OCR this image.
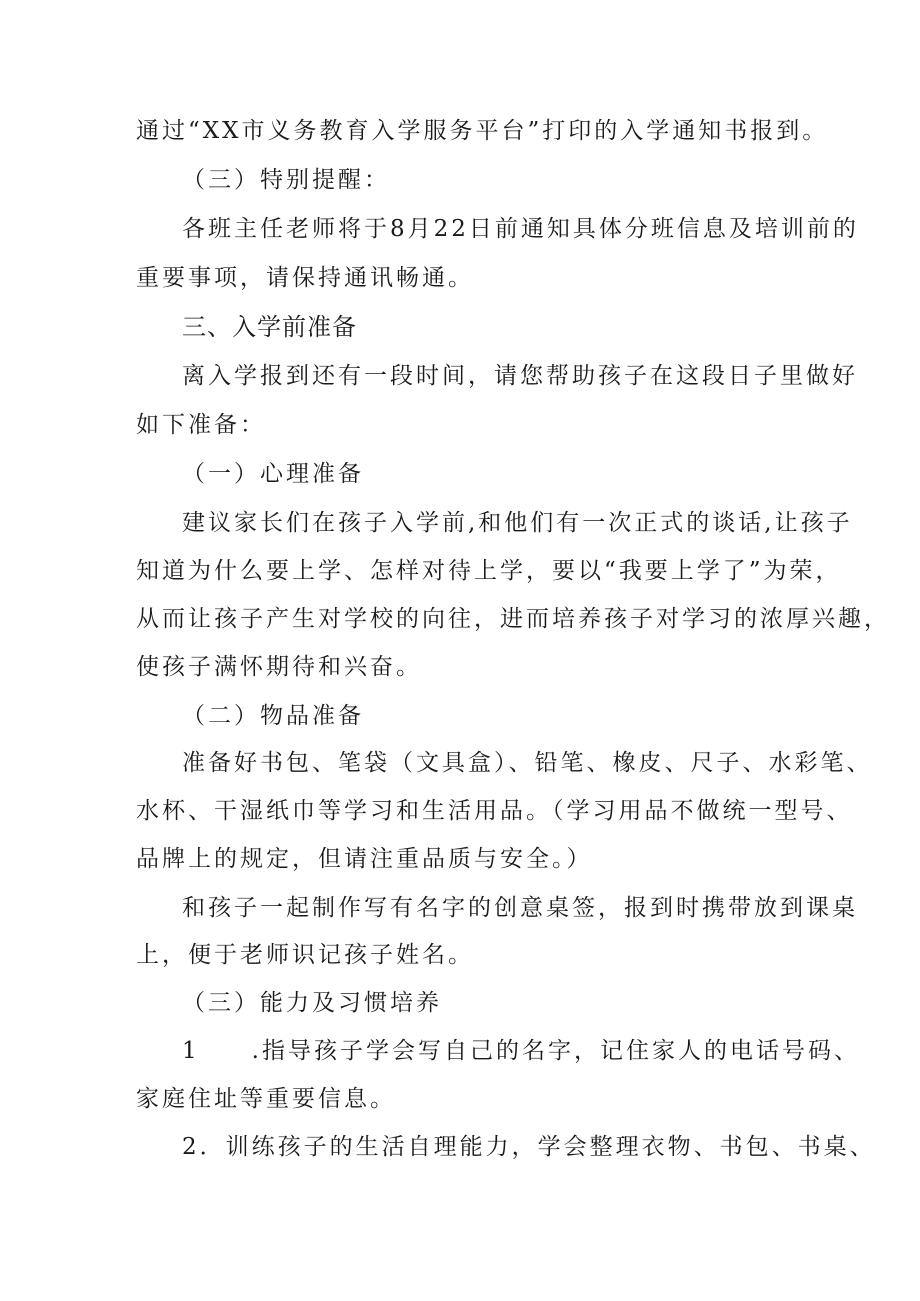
通过“XX市义务教育入学服务平台”打印的入学通知书报到。
（三）特别提醒：
各班主任老师将于8月22日前通知具体分班信息及培训前的
重要事项，请保持通讯畅通。
三、入学前准备
离入学报到还有一段时间，请您帮助孩子在这段日子里做好
如下准备：
（一）心理准备
建议家长们在孩子入学前,和他们有一次正式的谈话,让孩子
知道为什么要上学、怎样对待上学，要以“我要上学了”为荣，
从而让孩子产生对学校的向往，进而培养孩子对学习的浓厚兴趣，
使孩子满怀期待和兴奋。
（二）物品准备
准备好书包、笔袋（文具盒）、铅笔、橡皮、尺子、水彩笔、
水杯、干湿纸巾等学习和生活用品。（学习用品不做统一型号、
品牌上的规定，但请注重品质与安全。）
和孩子一起制作写有名字的创意桌签，报到时携带放到课桌
上，便于老师识记孩子姓名。
（三）能力及习惯培养
1 .指导孩子学会写自己的名字，记住家人的电话号码、
家庭住址等重要信息。
2．训练孩子的生活自理能力，学会整理衣物、书包、书桌、
